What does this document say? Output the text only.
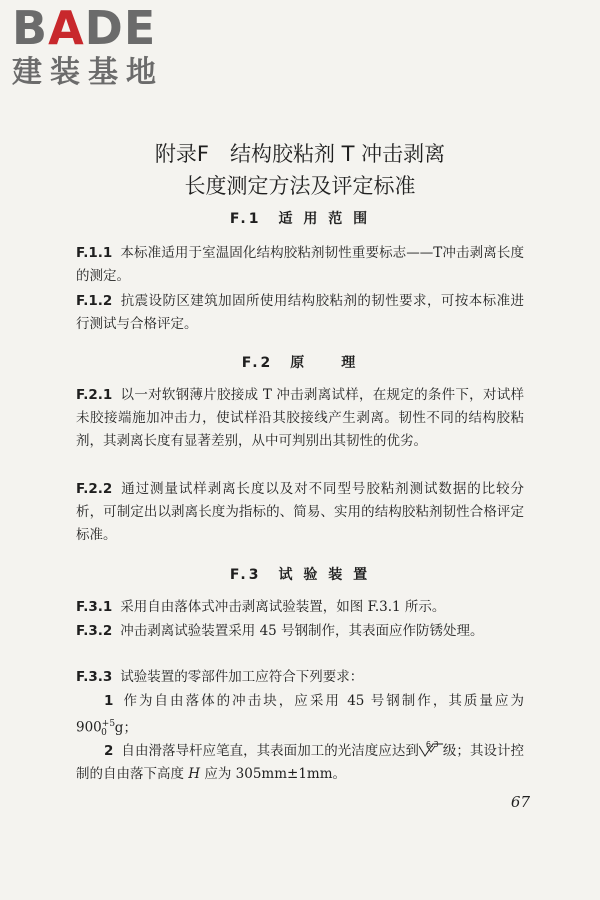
BADE
建装基地
附录F　结构胶粘剂 T 冲击剥离
长度测定方法及评定标准
F.1　适 用 范 围
F.1.1 本标准适用于室温固化结构胶粘剂韧性重要标志——T冲击剥离长度的测定。
F.1.2 抗震设防区建筑加固所使用结构胶粘剂的韧性要求，可按本标准进行测试与合格评定。
F.2　原　　理
F.2.1 以一对软钢薄片胶接成 T 冲击剥离试样，在规定的条件下，对试样未胶接端施加冲击力，使试样沿其胶接线产生剥离。韧性不同的结构胶粘剂，其剥离长度有显著差别，从中可判别出其韧性的优劣。
F.2.2 通过测量试样剥离长度以及对不同型号胶粘剂测试数据的比较分析，可制定出以剥离长度为指标的、简易、实用的结构胶粘剂韧性合格评定标准。
F.3　试 验 装 置
F.3.1 采用自由落体式冲击剥离试验装置，如图 F.3.1 所示。
F.3.2 冲击剥离试验装置采用 45 号钢制作，其表面应作防锈处理。
F.3.3 试验装置的零部件加工应符合下列要求：
1 作为自由落体的冲击块，应采用 45 号钢制作，其质量应为 $900^{+5}_0$ g；
2 自由滑落导杆应笔直，其表面加工的光洁度应达到 6.3 级；其设计控制的自由落下高度 H 应为 305mm±1mm。
67
